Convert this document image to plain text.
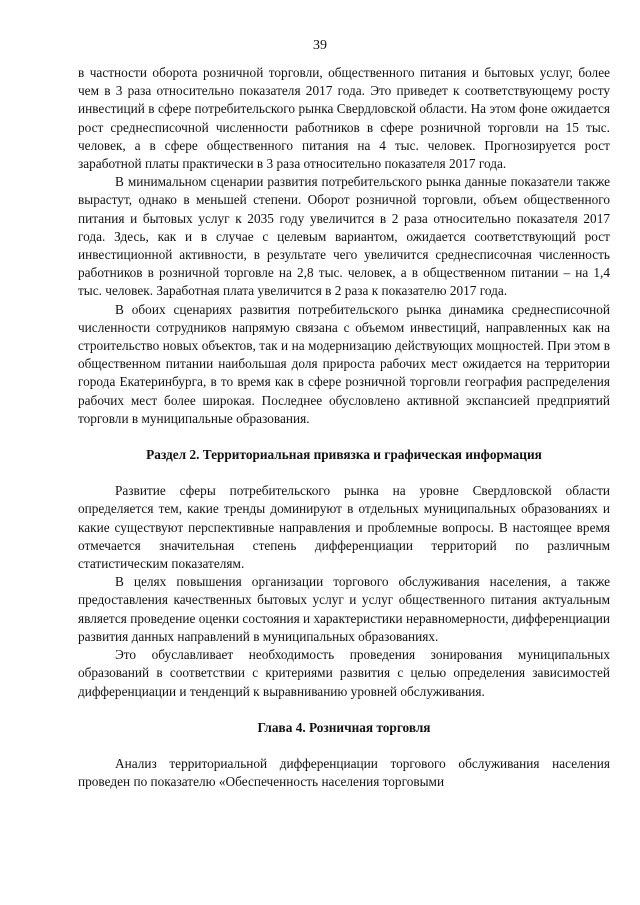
39

в частности оборота розничной торговли, общественного питания и бытовых услуг, более чем в 3 раза относительно показателя 2017 года. Это приведет к соответствующему росту инвестиций в сфере потребительского рынка Свердловской области. На этом фоне ожидается рост среднесписочной численности работников в сфере розничной торговли на 15 тыс. человек, а в сфере общественного питания на 4 тыс. человек. Прогнозируется рост заработной платы практически в 3 раза относительно показателя 2017 года.

В минимальном сценарии развития потребительского рынка данные показатели также вырастут, однако в меньшей степени. Оборот розничной торговли, объем общественного питания и бытовых услуг к 2035 году увеличится в 2 раза относительно показателя 2017 года. Здесь, как и в случае с целевым вариантом, ожидается соответствующий рост инвестиционной активности, в результате чего увеличится среднесписочная численность работников в розничной торговле на 2,8 тыс. человек, а в общественном питании – на 1,4 тыс. человек. Заработная плата увеличится в 2 раза к показателю 2017 года.

В обоих сценариях развития потребительского рынка динамика среднесписочной численности сотрудников напрямую связана с объемом инвестиций, направленных как на строительство новых объектов, так и на модернизацию действующих мощностей. При этом в общественном питании наибольшая доля прироста рабочих мест ожидается на территории города Екатеринбурга, в то время как в сфере розничной торговли география распределения рабочих мест более широкая. Последнее обусловлено активной экспансией предприятий торговли в муниципальные образования.

Раздел 2. Территориальная привязка и графическая информация

Развитие сферы потребительского рынка на уровне Свердловской области определяется тем, какие тренды доминируют в отдельных муниципальных образованиях и какие существуют перспективные направления и проблемные вопросы. В настоящее время отмечается значительная степень дифференциации территорий по различным статистическим показателям.

В целях повышения организации торгового обслуживания населения, а также предоставления качественных бытовых услуг и услуг общественного питания актуальным является проведение оценки состояния и характеристики неравномерности, дифференциации развития данных направлений в муниципальных образованиях.

Это обуславливает необходимость проведения зонирования муниципальных образований в соответствии с критериями развития с целью определения зависимостей дифференциации и тенденций к выравниванию уровней обслуживания.

Глава 4. Розничная торговля

Анализ территориальной дифференциации торгового обслуживания населения проведен по показателю «Обеспеченность населения торговыми
